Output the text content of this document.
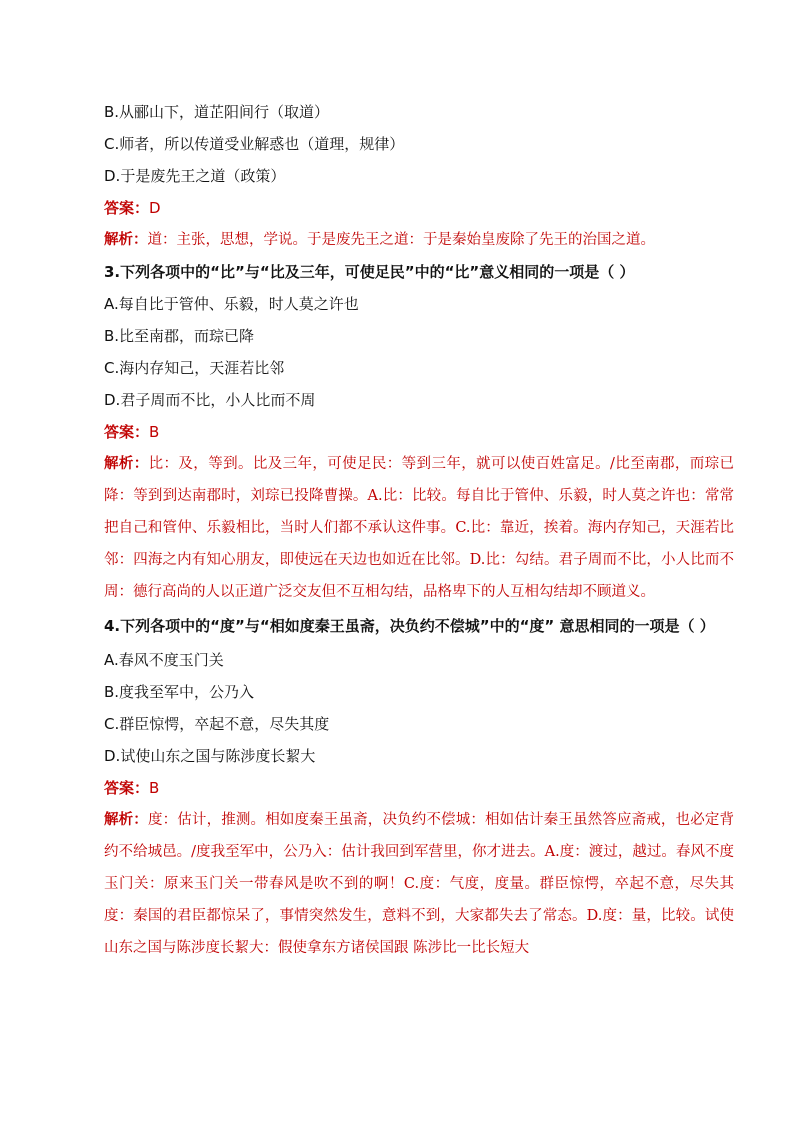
B.从郦山下，道芷阳间行（取道）
C.师者，所以传道受业解惑也（道理，规律）
D.于是废先王之道（政策）
答案：D
解析：道：主张，思想，学说。于是废先王之道：于是秦始皇废除了先王的治国之道。
3.下列各项中的“比”与“比及三年，可使足民”中的“比”意义相同的一项是（ ）
A.每自比于管仲、乐毅，时人莫之许也
B.比至南郡，而琮已降
C.海内存知己，天涯若比邻
D.君子周而不比，小人比而不周
答案：B
解析：比：及，等到。比及三年，可使足民：等到三年，就可以使百姓富足。/比至南郡，而琮已降：等到到达南郡时，刘琮已投降曹操。A.比：比较。每自比于管仲、乐毅，时人莫之许也：常常把自己和管仲、乐毅相比，当时人们都不承认这件事。C.比：靠近，挨着。海内存知己，天涯若比邻：四海之内有知心朋友，即使远在天边也如近在比邻。D.比：勾结。君子周而不比，小人比而不周：德行高尚的人以正道广泛交友但不互相勾结，品格卑下的人互相勾结却不顾道义。
4.下列各项中的“度”与“相如度秦王虽斋，决负约不偿城”中的“度” 意思相同的一项是（ ）
A.春风不度玉门关
B.度我至军中，公乃入
C.群臣惊愕，卒起不意，尽失其度
D.试使山东之国与陈涉度长絜大
答案：B
解析：度：估计，推测。相如度秦王虽斋，决负约不偿城：相如估计秦王虽然答应斋戒，也必定背约不给城邑。/度我至军中，公乃入：估计我回到军营里，你才进去。A.度：渡过，越过。春风不度玉门关：原来玉门关一带春风是吹不到的啊！C.度：气度，度量。群臣惊愕，卒起不意，尽失其度：秦国的君臣都惊呆了，事情突然发生，意料不到，大家都失去了常态。D.度：量，比较。试使山东之国与陈涉度长絜大：假使拿东方诸侯国跟 陈涉比一比长短大
